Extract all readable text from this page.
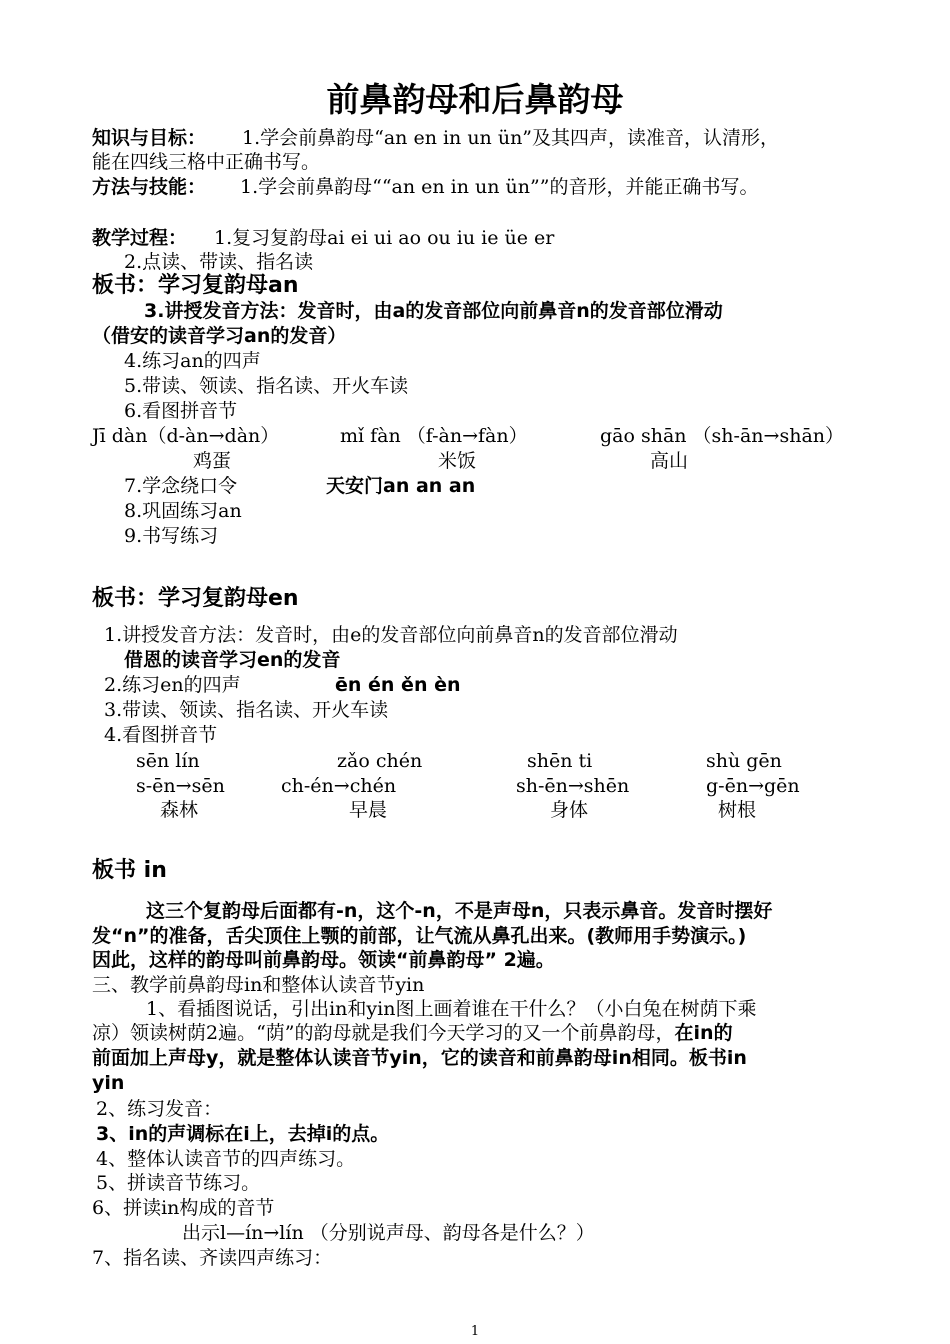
前鼻韵母和后鼻韵母
知识与目标： 1.学会前鼻韵母“an en in un ün”及其四声，读准音，认清形，
能在四线三格中正确书写。
方法与技能： 1.学会前鼻韵母““an en in un ün””的音形，并能正确书写。
教学过程： 1.复习复韵母ai ei ui ao ou iu ie üe er
2.点读、带读、指名读
板书：学习复韵母an
3.讲授发音方法：发音时，由a的发音部位向前鼻音n的发音部位滑动
（借安的读音学习an的发音）
4.练习an的四声
5.带读、领读、指名读、开火车读
6.看图拼音节
Jī dàn（d-àn→dàn）	mǐ fàn （f-àn→fàn）	gāo shān （sh-ān→shān）
鸡蛋	米饭	高山
7.学念绕口令	天安门an an an
8.巩固练习an
9.书写练习
板书：学习复韵母en
1.讲授发音方法：发音时，由e的发音部位向前鼻音n的发音部位滑动
借恩的读音学习en的发音
2.练习en的四声	ēn én ěn èn
3.带读、领读、指名读、开火车读
4.看图拼音节
sēn lín	zǎo chén	shēn ti	shù gēn
s-ēn→sēn	ch-én→chén	sh-ēn→shēn	g-ēn→gēn
森林	早晨	身体	树根
板书 in
这三个复韵母后面都有-n，这个-n，不是声母n，只表示鼻音。发音时摆好
发“n”的准备，舌尖顶住上颚的前部，让气流从鼻孔出来。(教师用手势演示。)
因此，这样的韵母叫前鼻韵母。领读“前鼻韵母” 2遍。
三、教学前鼻韵母in和整体认读音节yin
1、看插图说话，引出in和yin图上画着谁在干什么？（小白兔在树荫下乘
凉）领读树荫2遍。“荫”的韵母就是我们今天学习的又一个前鼻韵母，在in的
前面加上声母y，就是整体认读音节yin，它的读音和前鼻韵母in相同。板书in
yin
2、练习发音：
3、in的声调标在i上，去掉i的点。
4、整体认读音节的四声练习。
5、拼读音节练习。
6、拼读in构成的音节
出示l—ín→lín （分别说声母、韵母各是什么？）
7、指名读、齐读四声练习：
1
